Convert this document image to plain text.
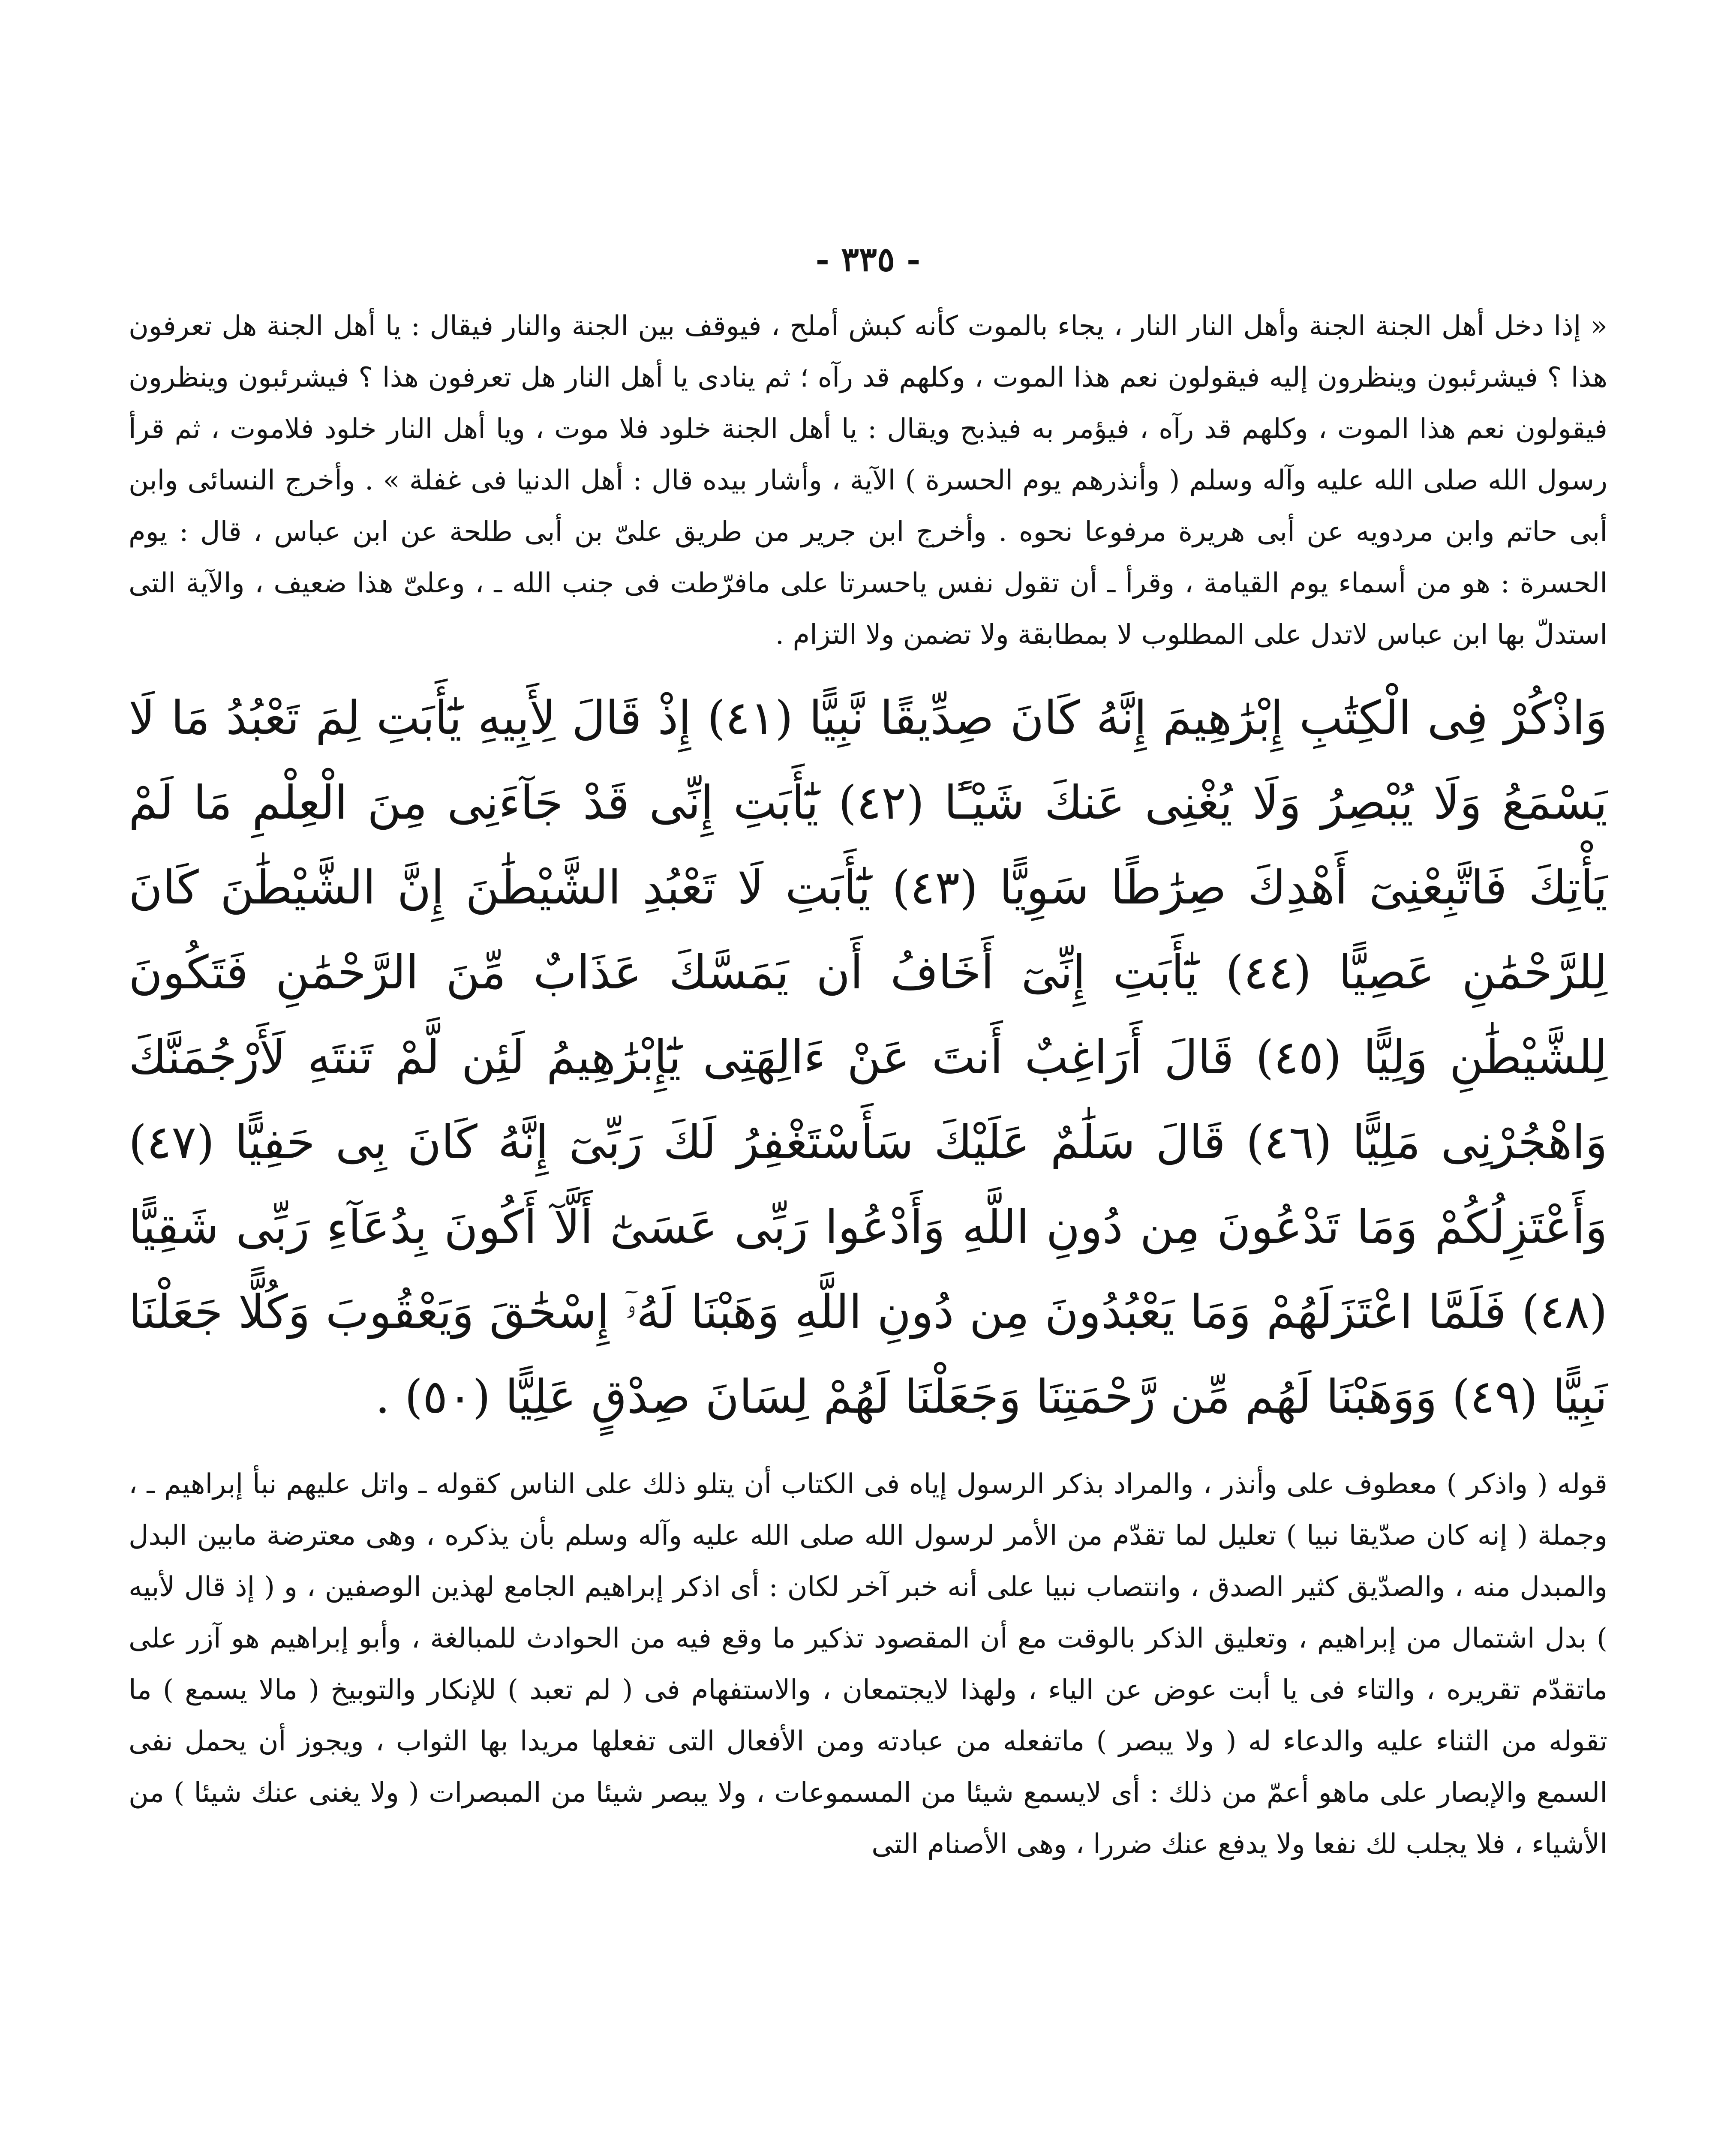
- ٣٣٥ -

« إذا دخل أهل الجنة الجنة وأهل النار النار ، يجاء بالموت كأنه كبش أملح ، فيوقف بين الجنة والنار فيقال : يا أهل الجنة هل تعرفون هذا ؟ فيشرئبون وينظرون إليه فيقولون نعم هذا الموت ، وكلهم قد رآه ؛ ثم ينادى يا أهل النار هل تعرفون هذا ؟ فيشرئبون وينظرون فيقولون نعم هذا الموت ، وكلهم قد رآه ، فيؤمر به فيذبح ويقال : يا أهل الجنة خلود فلا موت ، ويا أهل النار خلود فلاموت ، ثم قرأ رسول الله صلى الله عليه وآله وسلم ( وأنذرهم يوم الحسرة ) الآية ، وأشار بيده قال : أهل الدنيا فى غفلة » . وأخرج النسائى وابن أبى حاتم وابن مردويه عن أبى هريرة مرفوعا نحوه . وأخرج ابن جرير من طريق علىّ بن أبى طلحة عن ابن عباس ، قال : يوم الحسرة : هو من أسماء يوم القيامة ، وقرأ ـ أن تقول نفس ياحسرتا على مافرّطت فى جنب الله ـ ، وعلىّ هذا ضعيف ، والآية التى استدلّ بها ابن عباس لاتدل على المطلوب لا بمطابقة ولا تضمن ولا التزام .

وَاذْكُرْ فِى الْكِتَٰبِ إِبْرَٰهِيمَ إِنَّهُ كَانَ صِدِّيقًا نَّبِيًّا (٤١) إِذْ قَالَ لِأَبِيهِ يَٰٓأَبَتِ لِمَ تَعْبُدُ مَا لَا يَسْمَعُ وَلَا يُبْصِرُ وَلَا يُغْنِى عَنكَ شَيْـًٔا (٤٢) يَٰٓأَبَتِ إِنِّى قَدْ جَآءَنِى مِنَ الْعِلْمِ مَا لَمْ يَأْتِكَ فَاتَّبِعْنِىٓ أَهْدِكَ صِرَٰطًا سَوِيًّا (٤٣) يَٰٓأَبَتِ لَا تَعْبُدِ الشَّيْطَٰنَ إِنَّ الشَّيْطَٰنَ كَانَ لِلرَّحْمَٰنِ عَصِيًّا (٤٤) يَٰٓأَبَتِ إِنِّىٓ أَخَافُ أَن يَمَسَّكَ عَذَابٌ مِّنَ الرَّحْمَٰنِ فَتَكُونَ لِلشَّيْطَٰنِ وَلِيًّا (٤٥) قَالَ أَرَاغِبٌ أَنتَ عَنْ ءَالِهَتِى يَٰٓإِبْرَٰهِيمُ لَئِن لَّمْ تَنتَهِ لَأَرْجُمَنَّكَ وَاهْجُرْنِى مَلِيًّا (٤٦) قَالَ سَلَٰمٌ عَلَيْكَ سَأَسْتَغْفِرُ لَكَ رَبِّىٓ إِنَّهُ كَانَ بِى حَفِيًّا (٤٧) وَأَعْتَزِلُكُمْ وَمَا تَدْعُونَ مِن دُونِ اللَّهِ وَأَدْعُوا رَبِّى عَسَىٰٓ أَلَّآ أَكُونَ بِدُعَآءِ رَبِّى شَقِيًّا (٤٨) فَلَمَّا اعْتَزَلَهُمْ وَمَا يَعْبُدُونَ مِن دُونِ اللَّهِ وَهَبْنَا لَهُۥٓ إِسْحَٰقَ وَيَعْقُوبَ وَكُلًّا جَعَلْنَا نَبِيًّا (٤٩) وَوَهَبْنَا لَهُم مِّن رَّحْمَتِنَا وَجَعَلْنَا لَهُمْ لِسَانَ صِدْقٍ عَلِيًّا (٥٠) .

قوله ( واذكر ) معطوف على وأنذر ، والمراد بذكر الرسول إياه فى الكتاب أن يتلو ذلك على الناس كقوله ـ واتل عليهم نبأ إبراهيم ـ ، وجملة ( إنه كان صدّيقا نبيا ) تعليل لما تقدّم من الأمر لرسول الله صلى الله عليه وآله وسلم بأن يذكره ، وهى معترضة مابين البدل والمبدل منه ، والصدّيق كثير الصدق ، وانتصاب نبيا على أنه خبر آخر لكان : أى اذكر إبراهيم الجامع لهذين الوصفين ، و ( إذ قال لأبيه ) بدل اشتمال من إبراهيم ، وتعليق الذكر بالوقت مع أن المقصود تذكير ما وقع فيه من الحوادث للمبالغة ، وأبو إبراهيم هو آزر على ماتقدّم تقريره ، والتاء فى يا أبت عوض عن الياء ، ولهذا لايجتمعان ، والاستفهام فى ( لم تعبد ) للإنكار والتوبيخ ( مالا يسمع ) ما تقوله من الثناء عليه والدعاء له ( ولا يبصر ) ماتفعله من عبادته ومن الأفعال التى تفعلها مريدا بها الثواب ، ويجوز أن يحمل نفى السمع والإبصار على ماهو أعمّ من ذلك : أى لايسمع شيئا من المسموعات ، ولا يبصر شيئا من المبصرات ( ولا يغنى عنك شيئا ) من الأشياء ، فلا يجلب لك نفعا ولا يدفع عنك ضررا ، وهى الأصنام التى
